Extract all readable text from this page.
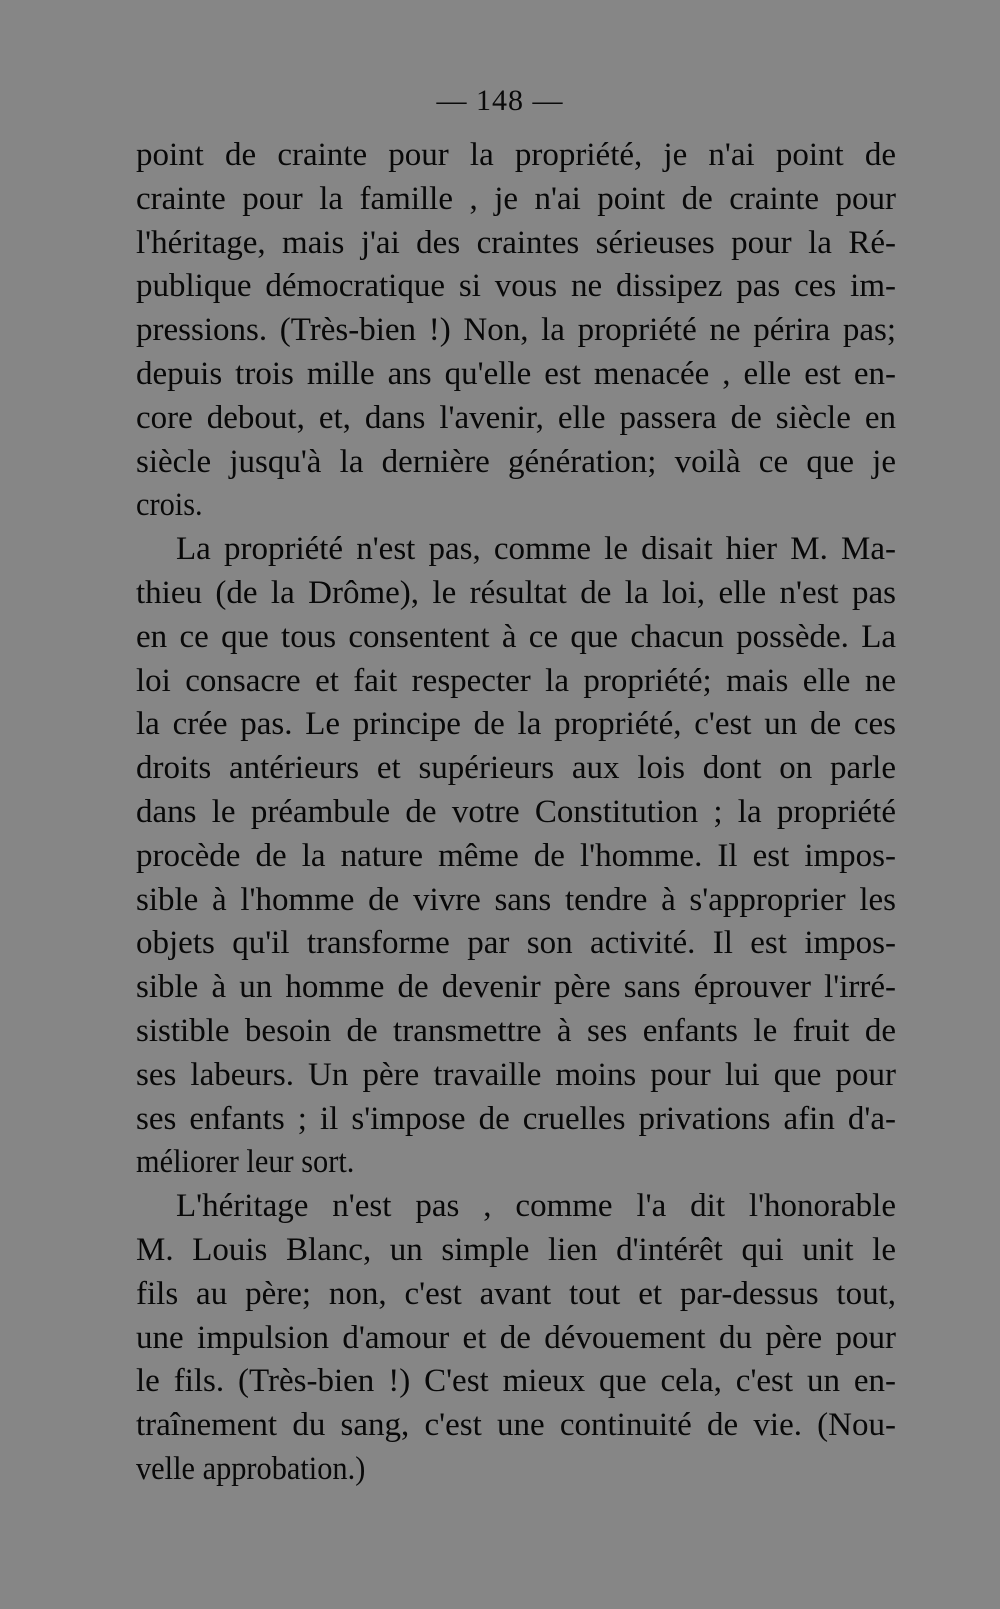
— 148 —
point de crainte pour la propriété, je n'ai point de
crainte pour la famille , je n'ai point de crainte pour
l'héritage, mais j'ai des craintes sérieuses pour la Ré-
publique démocratique si vous ne dissipez pas ces im-
pressions. (Très-bien !) Non, la propriété ne périra pas;
depuis trois mille ans qu'elle est menacée , elle est en-
core debout, et, dans l'avenir, elle passera de siècle en
siècle jusqu'à la dernière génération; voilà ce que je
crois.
La propriété n'est pas, comme le disait hier M. Ma-
thieu (de la Drôme), le résultat de la loi, elle n'est pas
en ce que tous consentent à ce que chacun possède. La
loi consacre et fait respecter la propriété; mais elle ne
la crée pas. Le principe de la propriété, c'est un de ces
droits antérieurs et supérieurs aux lois dont on parle
dans le préambule de votre Constitution ; la propriété
procède de la nature même de l'homme. Il est impos-
sible à l'homme de vivre sans tendre à s'approprier les
objets qu'il transforme par son activité. Il est impos-
sible à un homme de devenir père sans éprouver l'irré-
sistible besoin de transmettre à ses enfants le fruit de
ses labeurs. Un père travaille moins pour lui que pour
ses enfants ; il s'impose de cruelles privations afin d'a-
méliorer leur sort.
L'héritage n'est pas , comme l'a dit l'honorable
M. Louis Blanc, un simple lien d'intérêt qui unit le
fils au père; non, c'est avant tout et par-dessus tout,
une impulsion d'amour et de dévouement du père pour
le fils. (Très-bien !) C'est mieux que cela, c'est un en-
traînement du sang, c'est une continuité de vie. (Nou-
velle approbation.)
